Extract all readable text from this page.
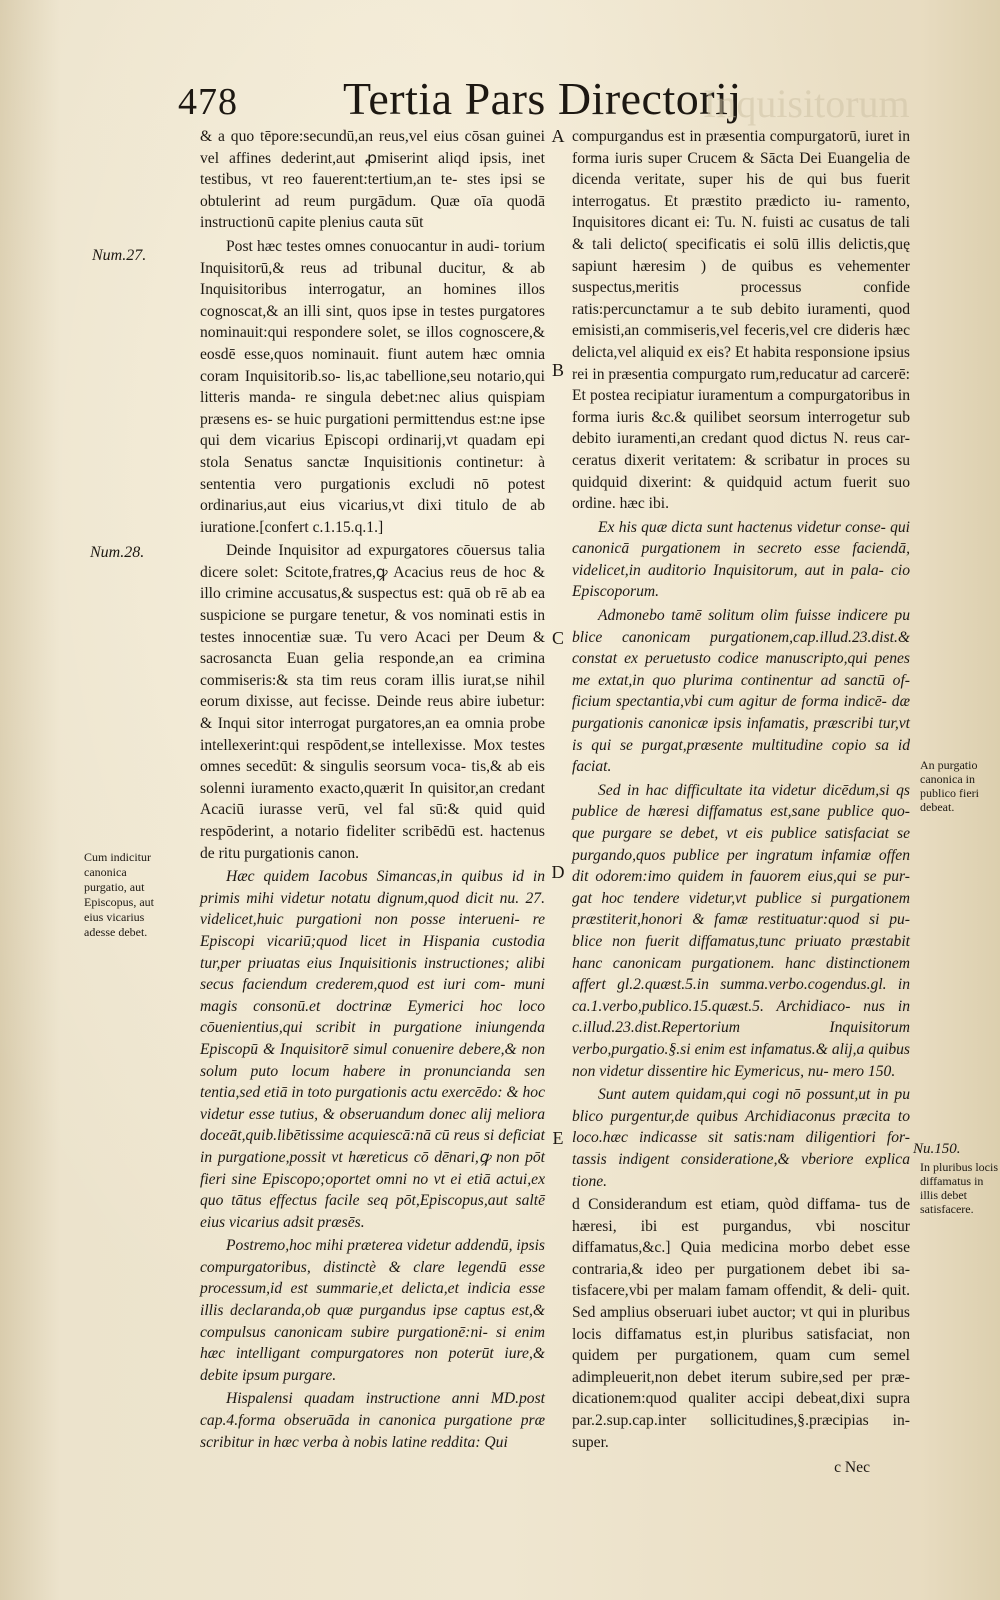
478 Tertia Pars Directorij
Inquisitorum

& a quo tēpore:secundū,an reus,vel eius cōsan guinei vel affines dederint,aut ꝓmiserint aliqd ipsis, inet testibus, vt reo fauerent:tertium,an te- stes ipsi se obtulerint ad reum purgādum. Quæ oīa quodā instructionū capite plenius cauta sūt

Post hæc testes omnes conuocantur in audi- torium Inquisitorū,& reus ad tribunal ducitur, & ab Inquisitoribus interrogatur, an homines illos cognoscat,& an illi sint, quos ipse in testes purgatores nominauit:qui respondere solet, se illos cognoscere,& eosdē esse,quos nominauit. fiunt autem hæc omnia coram Inquisitorib.so- lis,ac tabellione,seu notario,qui litteris manda- re singula debet:nec alius quispiam præsens es- se huic purgationi permittendus est:ne ipse qui dem vicarius Episcopi ordinarij,vt quadam epi stola Senatus sanctæ Inquisitionis continetur: à sententia vero purgationis excludi nō potest ordinarius,aut eius vicarius,vt dixi titulo de ab iuratione.[confert c.1.15.q.1.]

Deinde Inquisitor ad expurgatores cōuersus talia dicere solet: Scitote,fratres,ꝙ Acacius reus de hoc & illo crimine accusatus,& suspectus est: quā ob rē ab ea suspicione se purgare tenetur, & vos nominati estis in testes innocentiæ suæ. Tu vero Acaci per Deum & sacrosancta Euan gelia responde,an ea crimina commiseris:& sta tim reus coram illis iurat,se nihil eorum dixisse, aut fecisse. Deinde reus abire iubetur: & Inqui sitor interrogat purgatores,an ea omnia probe intellexerint:qui respōdent,se intellexisse. Mox testes omnes secedūt: & singulis seorsum voca- tis,& ab eis solenni iuramento exacto,quærit In quisitor,an credant Acaciū iurasse verū, vel fal sū:& quid quid respōderint, a notario fideliter scribēdū est. hactenus de ritu purgationis canon.

Hæc quidem Iacobus Simancas,in quibus id in primis mihi videtur notatu dignum,quod dicit nu. 27. videlicet,huic purgationi non posse interueni- re Episcopi vicariū;quod licet in Hispania custodia tur,per priuatas eius Inquisitionis instructiones; alibi secus faciendum crederem,quod est iuri com- muni magis consonū.et doctrinæ Eymerici hoc loco cōuenientius,qui scribit in purgatione iniungenda Episcopū & Inquisitorē simul conuenire debere,& non solum puto locum habere in pronuncianda sen tentia,sed etiā in toto purgationis actu exercēdo: & hoc videtur esse tutius, & obseruandum donec alij meliora doceāt,quib.libētissime acquiescā:nā cū reus si deficiat in purgatione,possit vt hæreticus cō dēnari,ꝙ non pōt fieri sine Episcopo;oportet omni no vt ei etiā actui,ex quo tātus effectus facile seq pōt,Episcopus,aut saltē eius vicarius adsit præsēs.

Postremo,hoc mihi præterea videtur addendū, ipsis compurgatoribus, distinctè & clare legendū esse processum,id est summarie,et delicta,et indicia esse illis declaranda,ob quæ purgandus ipse captus est,& compulsus canonicam subire purgationē:ni- si enim hæc intelligant compurgatores non poterūt iure,& debite ipsum purgare.

Hispalensi quadam instructione anni MD.post cap.4.forma obseruāda in canonica purgatione præ scribitur in hæc verba à nobis latine reddita: Qui

A
B
C
D
E

compurgandus est in præsentia compurgatorū, iuret in forma iuris super Crucem & Sācta Dei Euangelia de dicenda veritate, super his de qui bus fuerit interrogatus. Et præstito prædicto iu- ramento, Inquisitores dicant ei: Tu. N. fuisti ac cusatus de tali & tali delicto( specificatis ei solū illis delictis,quę sapiunt hæresim ) de quibus es vehementer suspectus,meritis processus confide ratis:percunctamur a te sub debito iuramenti, quod emisisti,an commiseris,vel feceris,vel cre dideris hæc delicta,vel aliquid ex eis? Et habita responsione ipsius rei in præsentia compurgato rum,reducatur ad carcerē: Et postea recipiatur iuramentum a compurgatoribus in forma iuris &c.& quilibet seorsum interrogetur sub debito iuramenti,an credant quod dictus N. reus car- ceratus dixerit veritatem: & scribatur in proces su quidquid dixerint: & quidquid actum fuerit suo ordine. hæc ibi.

Ex his quæ dicta sunt hactenus videtur conse- qui canonicā purgationem in secreto esse faciendā, videlicet,in auditorio Inquisitorum, aut in pala- cio Episcoporum.

Admonebo tamē solitum olim fuisse indicere pu blice canonicam purgationem,cap.illud.23.dist.& constat ex peruetusto codice manuscripto,qui penes me extat,in quo plurima continentur ad sanctū of- ficium spectantia,vbi cum agitur de forma indicē- dæ purgationis canonicæ ipsis infamatis, præscribi tur,vt is qui se purgat,præsente multitudine copio sa id faciat.

Sed in hac difficultate ita videtur dicēdum,si qs publice de hæresi diffamatus est,sane publice quo- que purgare se debet, vt eis publice satisfaciat se purgando,quos publice per ingratum infamiæ offen dit odorem:imo quidem in fauorem eius,qui se pur- gat hoc tendere videtur,vt publice si purgationem præstiterit,honori & famæ restituatur:quod si pu- blice non fuerit diffamatus,tunc priuato præstabit hanc canonicam purgationem. hanc distinctionem affert gl.2.quæst.5.in summa.verbo.cogendus.gl. in ca.1.verbo,publico.15.quæst.5. Archidiaco- nus in c.illud.23.dist.Repertorium Inquisitorum verbo,purgatio.§.si enim est infamatus.& alij,a quibus non videtur dissentire hic Eymericus, nu- mero 150.

Sunt autem quidam,qui cogi nō possunt,ut in pu blico purgentur,de quibus Archidiaconus præcita to loco.hæc indicasse sit satis:nam diligentiori for- tassis indigent consideratione,& vberiore explica tione.

d Considerandum est etiam, quòd diffama- tus de hæresi, ibi est purgandus, vbi noscitur diffamatus,&c.] Quia medicina morbo debet esse contraria,& ideo per purgationem debet ibi sa- tisfacere,vbi per malam famam offendit, & deli- quit. Sed amplius obseruari iubet auctor; vt qui in pluribus locis diffamatus est,in pluribus satisfaciat, non quidem per purgationem, quam cum semel adimpleuerit,non debet iterum subire,sed per præ- dicationem:quod qualiter accipi debeat,dixi supra par.2.sup.cap.inter sollicitudines,§.præcipias in- super.

c Nec

Num.27.
Num.28.
Cum indicitur canonica purgatio, aut Episcopus, aut eius vicarius adesse debet.
An purgatio canonica in publico fieri debeat.
Nu.150.
In pluribus locis diffamatus in illis debet satisfacere.
